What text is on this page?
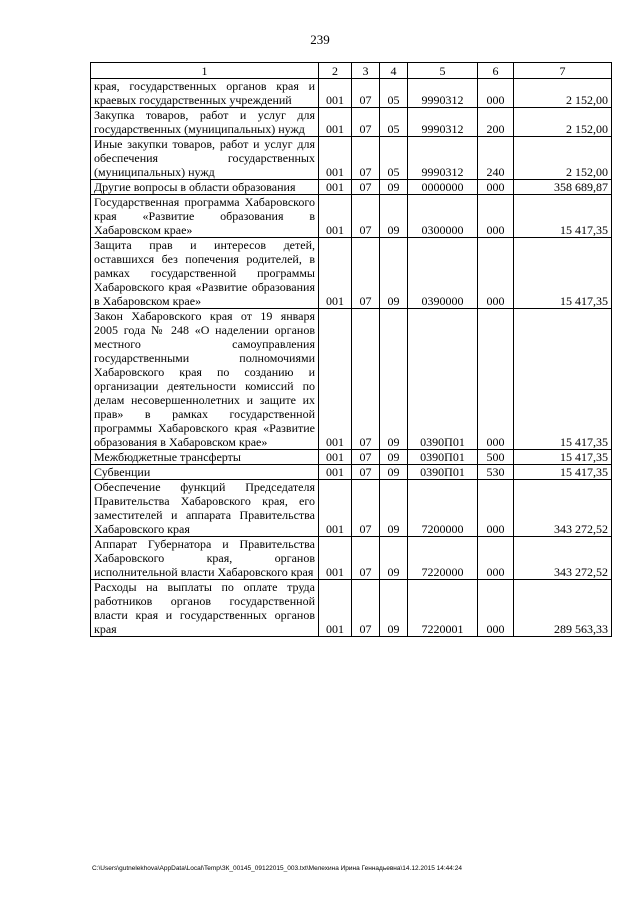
239
1	2	3	4	5	6	7
края, государственных органов края и краевых государственных учреждений	001	07	05	9990312	000	2 152,00
Закупка товаров, работ и услуг для государственных (муниципальных) нужд	001	07	05	9990312	200	2 152,00
Иные закупки товаров, работ и услуг для обеспечения государственных (муниципальных) нужд	001	07	05	9990312	240	2 152,00
Другие вопросы в области образования	001	07	09	0000000	000	358 689,87
Государственная программа Хабаровского края «Развитие образования в Хабаровском крае»	001	07	09	0300000	000	15 417,35
Защита прав и интересов детей, оставшихся без попечения родителей, в рамках государственной программы Хабаровского края «Развитие образования в Хабаровском крае»	001	07	09	0390000	000	15 417,35
Закон Хабаровского края от 19 января 2005 года № 248 «О наделении органов местного самоуправления государственными полномочиями Хабаровского края по созданию и организации деятельности комиссий по делам несовершеннолетних и защите их прав» в рамках государственной программы Хабаровского края «Развитие образования в Хабаровском крае»	001	07	09	0390П01	000	15 417,35
Межбюджетные трансферты	001	07	09	0390П01	500	15 417,35
Субвенции	001	07	09	0390П01	530	15 417,35
Обеспечение функций Председателя Правительства Хабаровского края, его заместителей и аппарата Правительства Хабаровского края	001	07	09	7200000	000	343 272,52
Аппарат Губернатора и Правительства Хабаровского края, органов исполнительной власти Хабаровского края	001	07	09	7220000	000	343 272,52
Расходы на выплаты по оплате труда работников органов государственной власти края и государственных органов края	001	07	09	7220001	000	289 563,33
C:\Users\gutnelekhova\AppData\Local\Temp\ЗК_00145_09122015_003.txt\Мелехина Ирина Геннадьевна\14.12.2015 14:44:24
